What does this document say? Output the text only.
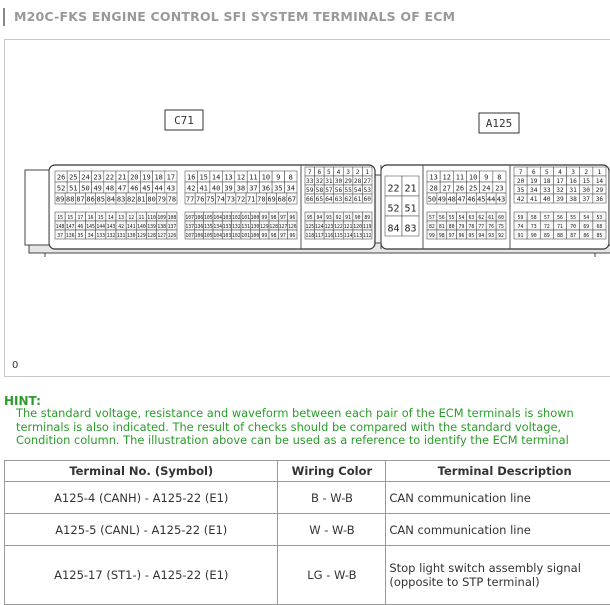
M20C-FKS ENGINE CONTROL SFI SYSTEM TERMINALS OF ECM
C71	A125
26 25 24 23 22 21 20 19 18 17
52 51 50 49 48 47 46 45 44 43
89 88 87 86 85 84 83 82 81 80 79 78
16 15 14 13 12 11 10 9 8
42 41 40 39 38 37 36 35 34
77 76 75 74 73 72 71 70 69 68 67
7 6 5 4 3 2 1
33 32 31 30 29 28 27
59 58 57 56 55 54 53
66 65 64 63 62 61 60
15 15 17 16 15 14 13 12 11 110 109 108
148 147 46 145 144 143 42 141 140 139 138 137
37 136 35 34 133 132 131 130 129 128 127 126
107 106 105 104 103 102 101 100 99 98 97 96
137 136 135 134 133 132 131 130 129 128 127 126
107 106 105 104 103 102 101 100 99 98 97 96
95 94 93 92 91 90 89
125 124 123 122 121 120 119
118 117 116 115 114 113 112
22 21
52 51
84 83
13 12 11 10 9 8
28 27 26 25 24 23
50 49 48 47 46 45 44 43
7 6 5 4 3 2 1
20 19 18 17 16 15 14
35 34 33 32 31 30 29
42 41 40 39 38 37 36
57 56 55 54 63 62 61 60
82 81 80 79 78 77 76 75
99 98 97 96 95 94 93 92
59 58 57 56 55 54 53
74 73 72 71 70 69 68
91 90 89 88 87 86 85
0
HINT:
The standard voltage, resistance and waveform between each pair of the ECM terminals is shown
terminals is also indicated. The result of checks should be compared with the standard voltage,
Condition column. The illustration above can be used as a reference to identify the ECM terminal
Terminal No. (Symbol)	Wiring Color	Terminal Description
A125-4 (CANH) - A125-22 (E1)	B - W-B	CAN communication line
A125-5 (CANL) - A125-22 (E1)	W - W-B	CAN communication line
A125-17 (ST1-) - A125-22 (E1)	LG - W-B	Stop light switch assembly signal
(opposite to STP terminal)
